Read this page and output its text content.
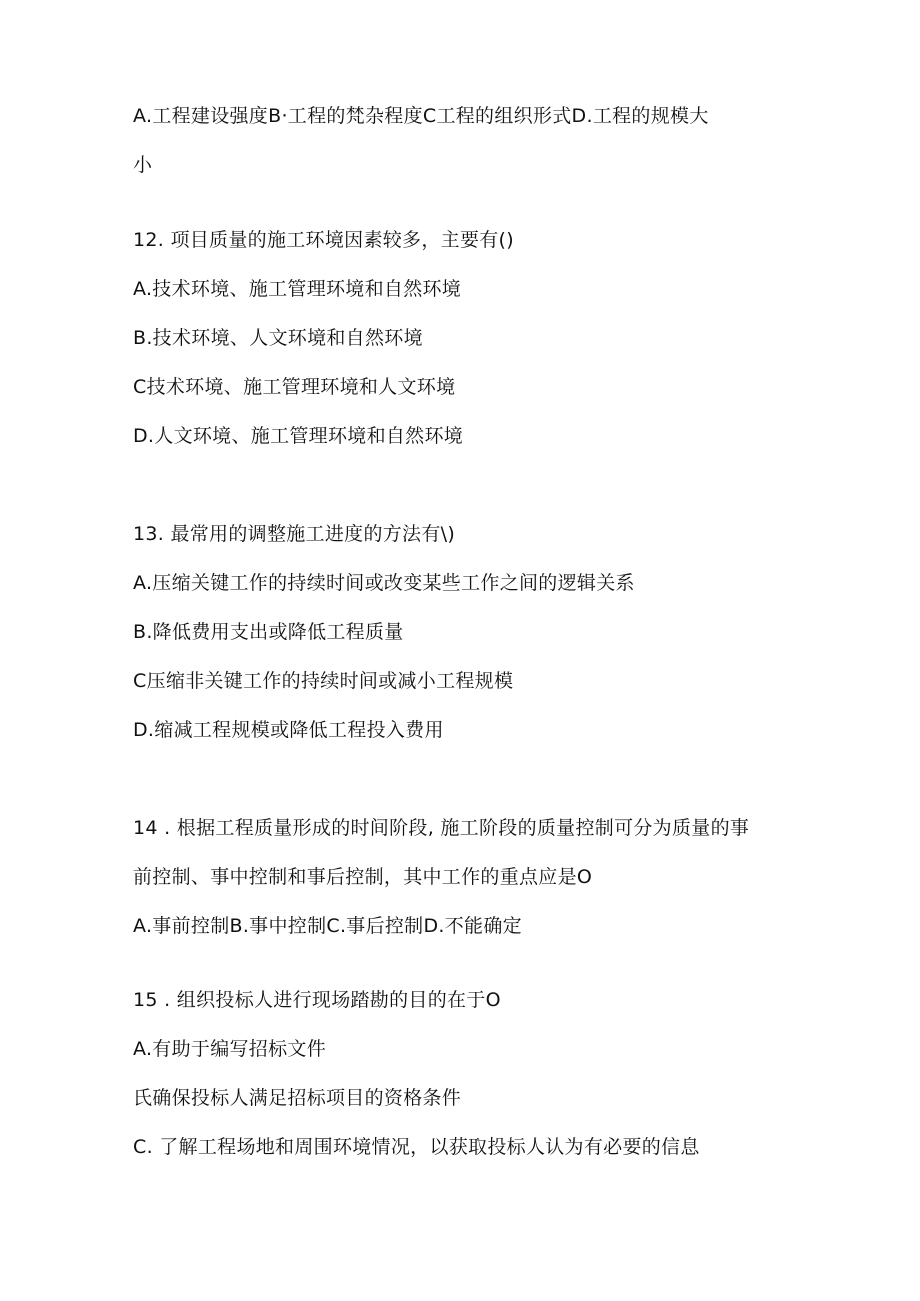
A.工程建设强度B·工程的梵杂程度C工程的组织形式D.工程的规模大
小
12. 项目质量的施工环境因素较多，主要有()
A.技术环境、施工管理环境和自然环境
B.技术环境、人文环境和自然环境
C技术环境、施工管理环境和人文环境
D.人文环境、施工管理环境和自然环境
13. 最常用的调整施工进度的方法有\)
A.压缩关键工作的持续时间或改变某些工作之间的逻辑关系
B.降低费用支出或降低工程质量
C压缩非关键工作的持续时间或减小工程规模
D.缩减工程规模或降低工程投入费用
14 . 根据工程质量形成的时间阶段, 施工阶段的质量控制可分为质量的事
前控制、事中控制和事后控制，其中工作的重点应是O
A.事前控制B.事中控制C.事后控制D.不能确定
15 . 组织投标人进行现场踏勘的目的在于O
A.有助于编写招标文件
氏确保投标人满足招标项目的资格条件
C. 了解工程场地和周围环境情况，以获取投标人认为有必要的信息
